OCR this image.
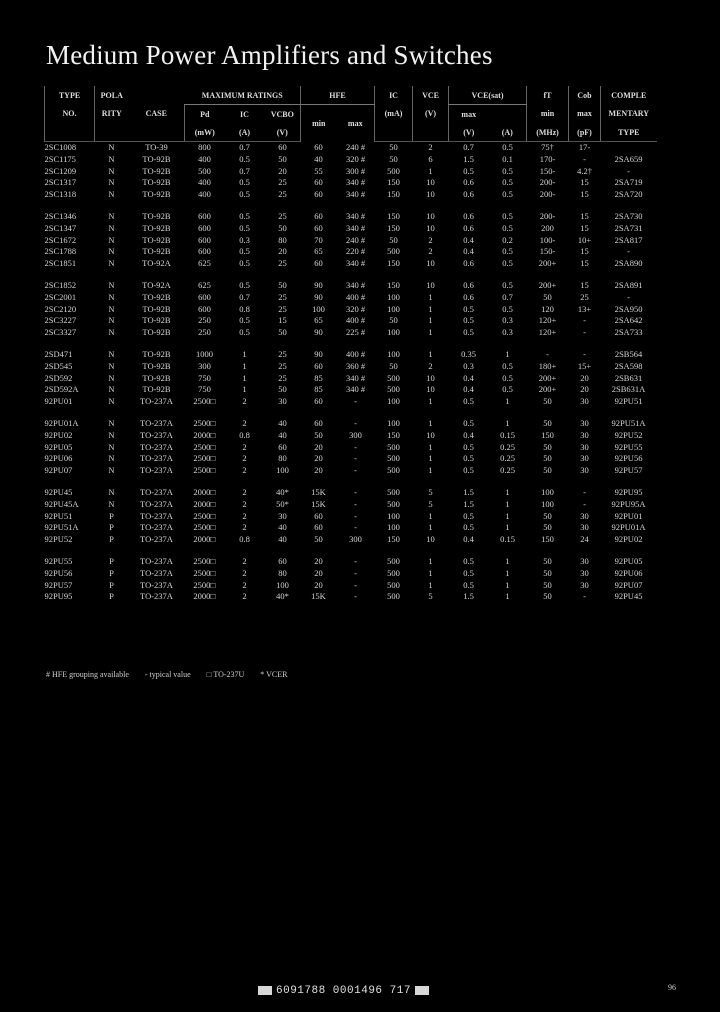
Medium Power Amplifiers and Switches
TYPE	POLA		MAXIMUM RATINGS			HFE		IC	VCE	VCE(sat)		fT	Cob	COMPLE
NO.	RITY	CASE	Pd	IC	VCBO	min	max	(mA)	(V)	max		min	max	MENTARY
			(mW)	(A)	(V)					(V)	(A)	(MHz)	(pF)	TYPE
2SC1008	N	TO-39	800	0.7	60	60	240 #	50	2	0.7	0.5	75†	17-	
2SC1175	N	TO-92B	400	0.5	50	40	320 #	50	6	1.5	0.1	170-	-	2SA659
2SC1209	N	TO-92B	500	0.7	20	55	300 #	500	1	0.5	0.5	150-	4.2†	-
2SC1317	N	TO-92B	400	0.5	25	60	340 #	150	10	0.6	0.5	200-	15	2SA719
2SC1318	N	TO-92B	400	0.5	25	60	340 #	150	10	0.6	0.5	200-	15	2SA720

2SC1346	N	TO-92B	600	0.5	25	60	340 #	150	10	0.6	0.5	200-	15	2SA730
2SC1347	N	TO-92B	600	0.5	50	60	340 #	150	10	0.6	0.5	200	15	2SA731
2SC1672	N	TO-92B	600	0.3	80	70	240 #	50	2	0.4	0.2	100-	10+	2SA817
2SC1788	N	TO-92B	600	0.5	20	65	220 #	500	2	0.4	0.5	150-	15	-
2SC1851	N	TO-92A	625	0.5	25	60	340 #	150	10	0.6	0.5	200+	15	2SA890

2SC1852	N	TO-92A	625	0.5	50	90	340 #	150	10	0.6	0.5	200+	15	2SA891
2SC2001	N	TO-92B	600	0.7	25	90	400 #	100	1	0.6	0.7	50	25	-
2SC2120	N	TO-92B	600	0.8	25	100	320 #	100	1	0.5	0.5	120	13+	2SA950
2SC3227	N	TO-92B	250	0.5	15	65	400 #	50	1	0.5	0.3	120+	-	2SA642
2SC3327	N	TO-92B	250	0.5	50	90	225 #	100	1	0.5	0.3	120+	-	2SA733

2SD471	N	TO-92B	1000	1	25	90	400 #	100	1	0.35	1	-	-	2SB564
2SD545	N	TO-92B	300	1	25	60	360 #	50	2	0.3	0.5	180+	15+	2SA598
2SD592	N	TO-92B	750	1	25	85	340 #	500	10	0.4	0.5	200+	20	2SB631
2SD592A	N	TO-92B	750	1	50	85	340 #	500	10	0.4	0.5	200+	20	2SB631A
92PU01	N	TO-237A	2500□	2	30	60	-	100	1	0.5	1	50	30	92PU51

92PU01A	N	TO-237A	2500□	2	40	60	-	100	1	0.5	1	50	30	92PU51A
92PU02	N	TO-237A	2000□	0.8	40	50	300	150	10	0.4	0.15	150	30	92PU52
92PU05	N	TO-237A	2500□	2	60	20	-	500	1	0.5	0.25	50	30	92PU55
92PU06	N	TO-237A	2500□	2	80	20	-	500	1	0.5	0.25	50	30	92PU56
92PU07	N	TO-237A	2500□	2	100	20	-	500	1	0.5	0.25	50	30	92PU57

92PU45	N	TO-237A	2000□	2	40*	15K	-	500	5	1.5	1	100	-	92PU95
92PU45A	N	TO-237A	2000□	2	50*	15K	-	500	5	1.5	1	100	-	92PU95A
92PU51	P	TO-237A	2500□	2	30	60	-	100	1	0.5	1	50	30	92PU01
92PU51A	P	TO-237A	2500□	2	40	60	-	100	1	0.5	1	50	30	92PU01A
92PU52	P	TO-237A	2000□	0.8	40	50	300	150	10	0.4	0.15	150	24	92PU02

92PU55	P	TO-237A	2500□	2	60	20	-	500	1	0.5	1	50	30	92PU05
92PU56	P	TO-237A	2500□	2	80	20	-	500	1	0.5	1	50	30	92PU06
92PU57	P	TO-237A	2500□	2	100	20	-	500	1	0.5	1	50	30	92PU07
92PU95	P	TO-237A	2000□	2	40*	15K	-	500	5	1.5	1	50	-	92PU45
# HFE grouping available - typical value □ TO-237U * VCER
6091788 0001496 717	96
